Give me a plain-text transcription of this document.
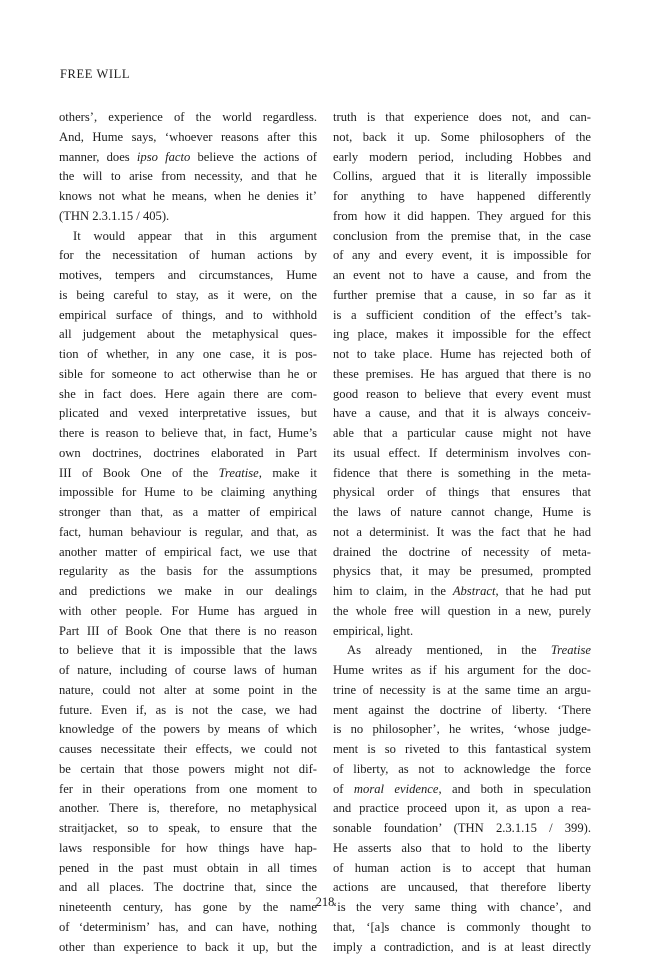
FREE WILL
others’, experience of the world regardless.
And, Hume says, ‘whoever reasons after this
manner, does ipso facto believe the actions of
the will to arise from necessity, and that he
knows not what he means, when he denies it’
(THN 2.3.1.15 / 405).
It would appear that in this argument
for the necessitation of human actions by
motives, tempers and circumstances, Hume
is being careful to stay, as it were, on the
empirical surface of things, and to withhold
all judgement about the metaphysical ques-
tion of whether, in any one case, it is pos-
sible for someone to act otherwise than he or
she in fact does. Here again there are com-
plicated and vexed interpretative issues, but
there is reason to believe that, in fact, Hume’s
own doctrines, doctrines elaborated in Part
III of Book One of the Treatise, make it
impossible for Hume to be claiming anything
stronger than that, as a matter of empirical
fact, human behaviour is regular, and that, as
another matter of empirical fact, we use that
regularity as the basis for the assumptions
and predictions we make in our dealings
with other people. For Hume has argued in
Part III of Book One that there is no reason
to believe that it is impossible that the laws
of nature, including of course laws of human
nature, could not alter at some point in the
future. Even if, as is not the case, we had
knowledge of the powers by means of which
causes necessitate their effects, we could not
be certain that those powers might not dif-
fer in their operations from one moment to
another. There is, therefore, no metaphysical
straitjacket, so to speak, to ensure that the
laws responsible for how things have hap-
pened in the past must obtain in all times
and all places. The doctrine that, since the
nineteenth century, has gone by the name
of ‘determinism’ has, and can have, nothing
other than experience to back it up, but the
truth is that experience does not, and can-
not, back it up. Some philosophers of the
early modern period, including Hobbes and
Collins, argued that it is literally impossible
for anything to have happened differently
from how it did happen. They argued for this
conclusion from the premise that, in the case
of any and every event, it is impossible for
an event not to have a cause, and from the
further premise that a cause, in so far as it
is a sufficient condition of the effect’s tak-
ing place, makes it impossible for the effect
not to take place. Hume has rejected both of
these premises. He has argued that there is no
good reason to believe that every event must
have a cause, and that it is always conceiv-
able that a particular cause might not have
its usual effect. If determinism involves con-
fidence that there is something in the meta-
physical order of things that ensures that
the laws of nature cannot change, Hume is
not a determinist. It was the fact that he had
drained the doctrine of necessity of meta-
physics that, it may be presumed, prompted
him to claim, in the Abstract, that he had put
the whole free will question in a new, purely
empirical, light.
As already mentioned, in the Treatise
Hume writes as if his argument for the doc-
trine of necessity is at the same time an argu-
ment against the doctrine of liberty. ‘There
is no philosopher’, he writes, ‘whose judge-
ment is so riveted to this fantastical system
of liberty, as not to acknowledge the force
of moral evidence, and both in speculation
and practice proceed upon it, as upon a rea-
sonable foundation’ (THN 2.3.1.15 / 399).
He asserts also that to hold to the liberty
of human action is to accept that human
actions are uncaused, that therefore liberty
‘is the very same thing with chance’, and
that, ‘[a]s chance is commonly thought to
imply a contradiction, and is at least directly
218
